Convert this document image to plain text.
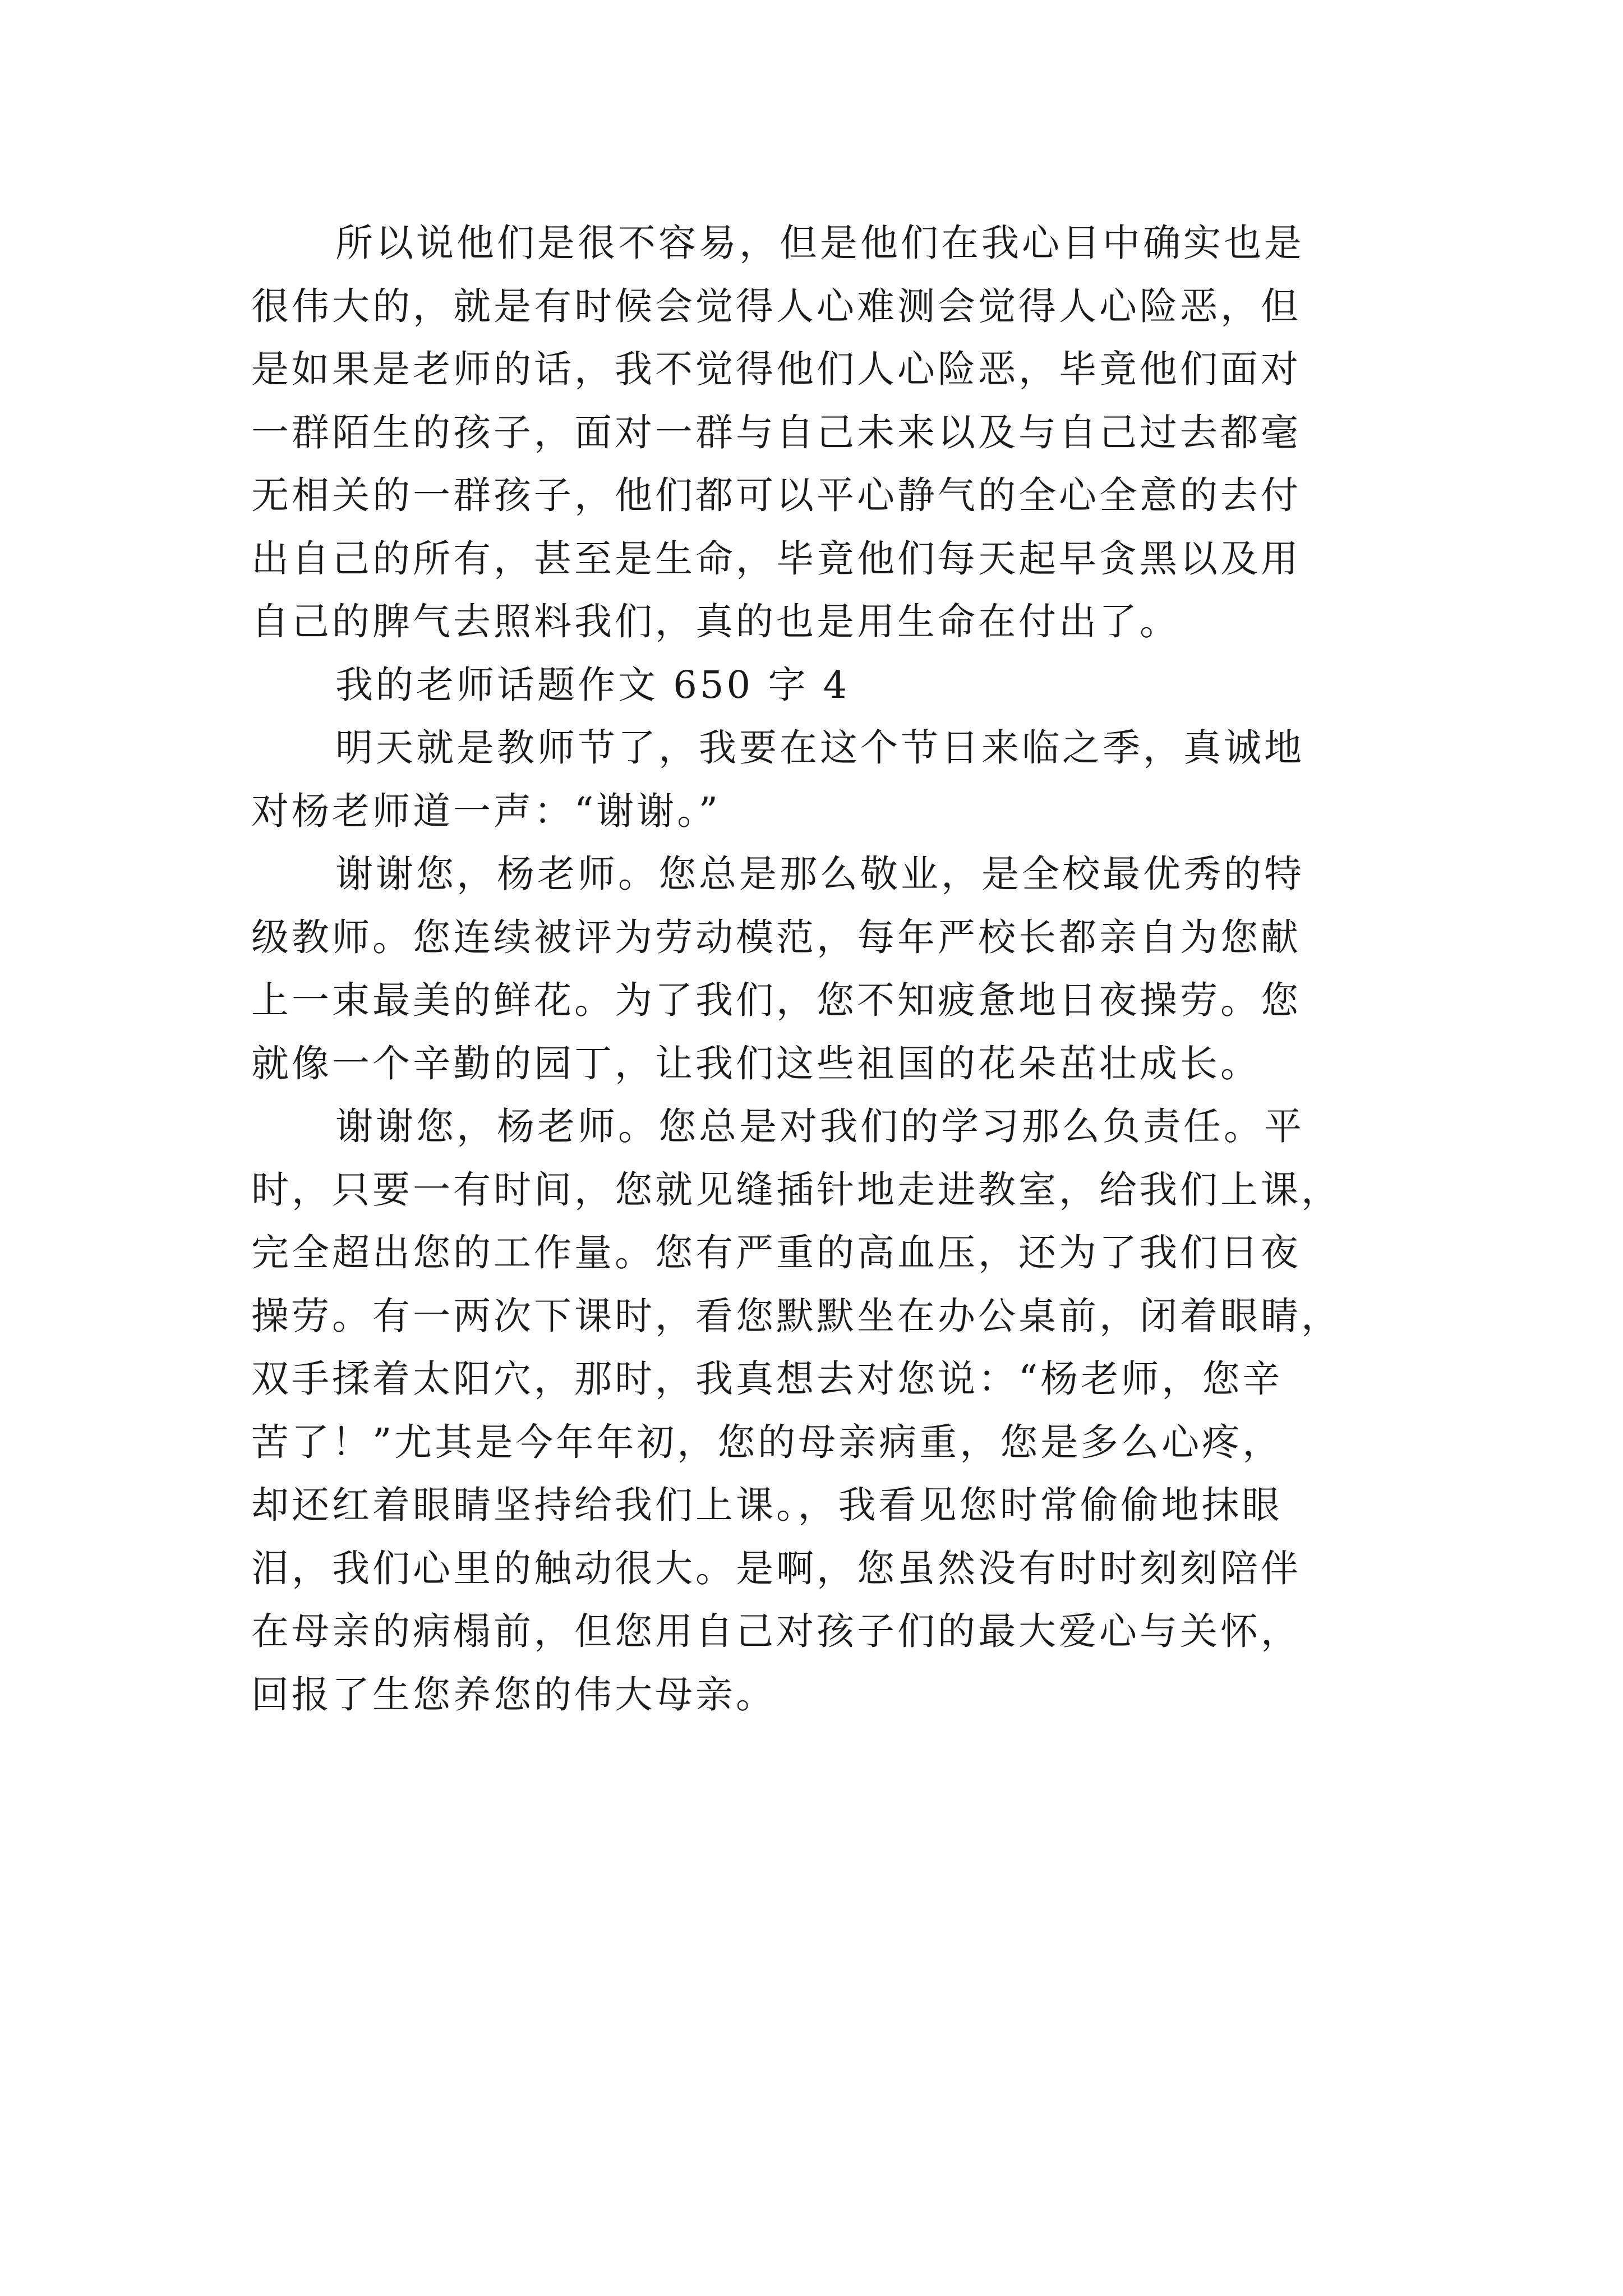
所以说他们是很不容易，但是他们在我心目中确实也是
很伟大的，就是有时候会觉得人心难测会觉得人心险恶，但
是如果是老师的话，我不觉得他们人心险恶，毕竟他们面对
一群陌生的孩子，面对一群与自己未来以及与自己过去都毫
无相关的一群孩子，他们都可以平心静气的全心全意的去付
出自己的所有，甚至是生命，毕竟他们每天起早贪黑以及用
自己的脾气去照料我们，真的也是用生命在付出了。
我的老师话题作文 650 字 4
明天就是教师节了，我要在这个节日来临之季，真诚地
对杨老师道一声：“谢谢。”
谢谢您，杨老师。您总是那么敬业，是全校最优秀的特
级教师。您连续被评为劳动模范，每年严校长都亲自为您献
上一束最美的鲜花。为了我们，您不知疲惫地日夜操劳。您
就像一个辛勤的园丁，让我们这些祖国的花朵茁壮成长。
谢谢您，杨老师。您总是对我们的学习那么负责任。平
时，只要一有时间，您就见缝插针地走进教室，给我们上课，
完全超出您的工作量。您有严重的高血压，还为了我们日夜
操劳。有一两次下课时，看您默默坐在办公桌前，闭着眼睛，
双手揉着太阳穴，那时，我真想去对您说：“杨老师，您辛
苦了！”尤其是今年年初，您的母亲病重，您是多么心疼，
却还红着眼睛坚持给我们上课。，我看见您时常偷偷地抹眼
泪，我们心里的触动很大。是啊，您虽然没有时时刻刻陪伴
在母亲的病榻前，但您用自己对孩子们的最大爱心与关怀，
回报了生您养您的伟大母亲。
